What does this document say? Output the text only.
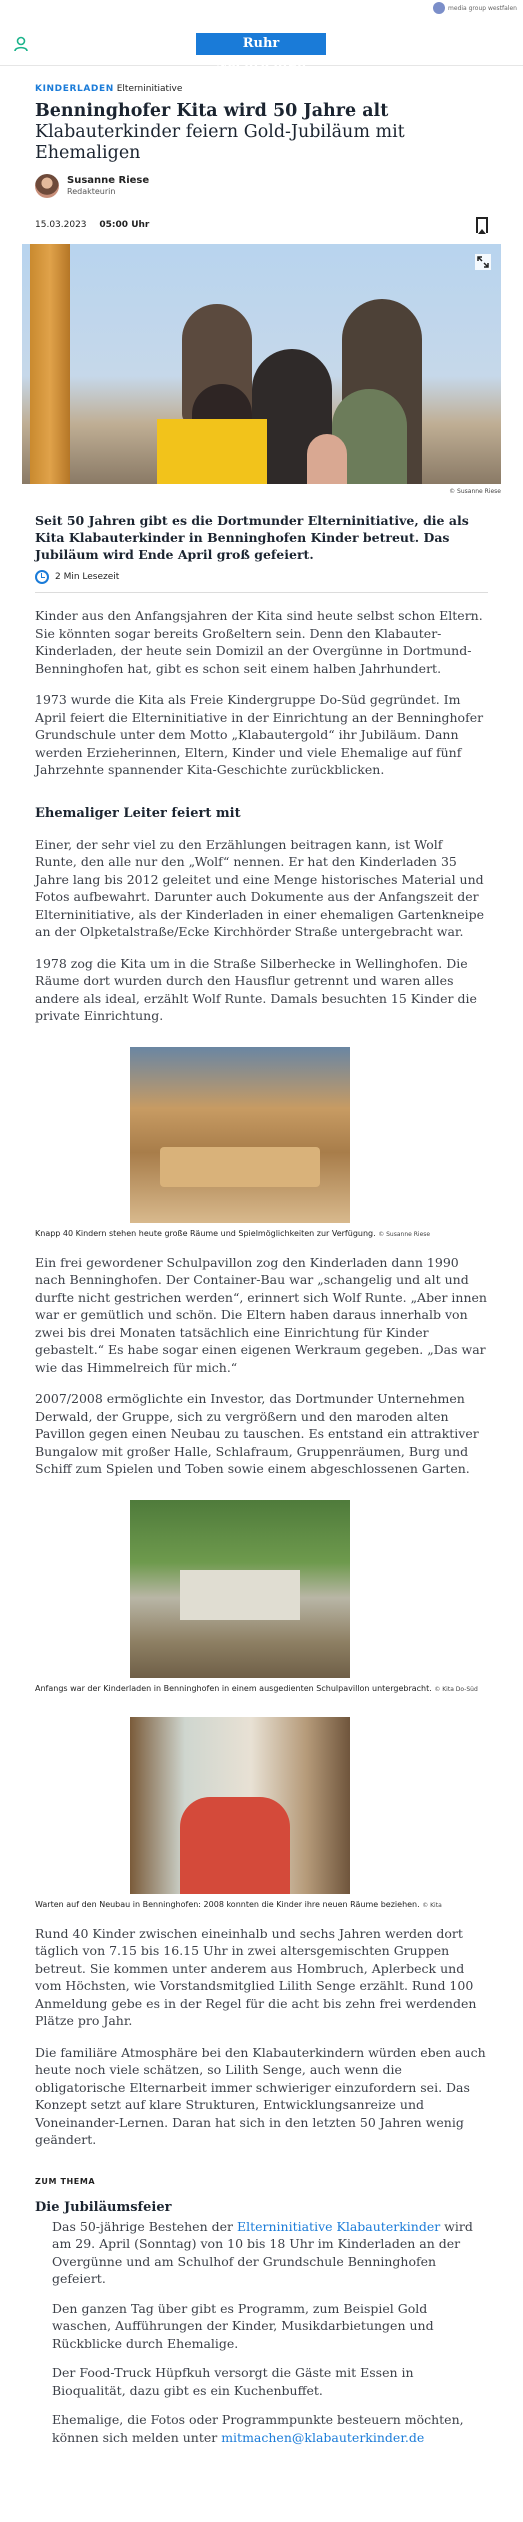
media group westfalen
Ruhr Nachrichten
KINDERLADEN Elterninitiative
Benninghofer Kita wird 50 Jahre alt Klabauterkinder feiern Gold-Jubiläum mit Ehemaligen
Susanne Riese
Redakteurin
15.03.2023 05:00 Uhr
© Susanne Riese

Seit 50 Jahren gibt es die Dortmunder Elterninitiative, die als Kita Klabauterkinder in Benninghofen Kinder betreut. Das Jubiläum wird Ende April groß gefeiert.

2 Min Lesezeit

Kinder aus den Anfangsjahren der Kita sind heute selbst schon Eltern. Sie könnten sogar bereits Großeltern sein. Denn den Klabauter-Kinderladen, der heute sein Domizil an der Overgünne in Dortmund-Benninghofen hat, gibt es schon seit einem halben Jahrhundert.

1973 wurde die Kita als Freie Kindergruppe Do-Süd gegründet. Im April feiert die Elterninitiative in der Einrichtung an der Benninghofer Grundschule unter dem Motto „Klabautergold“ ihr Jubiläum. Dann werden Erzieherinnen, Eltern, Kinder und viele Ehemalige auf fünf Jahrzehnte spannender Kita-Geschichte zurückblicken.

Ehemaliger Leiter feiert mit

Einer, der sehr viel zu den Erzählungen beitragen kann, ist Wolf Runte, den alle nur den „Wolf“ nennen. Er hat den Kinderladen 35 Jahre lang bis 2012 geleitet und eine Menge historisches Material und Fotos aufbewahrt. Darunter auch Dokumente aus der Anfangszeit der Elterninitiative, als der Kinderladen in einer ehemaligen Gartenkneipe an der Olpketalstraße/Ecke Kirchhörder Straße untergebracht war.

1978 zog die Kita um in die Straße Silberhecke in Wellinghofen. Die Räume dort wurden durch den Hausflur getrennt und waren alles andere als ideal, erzählt Wolf Runte. Damals besuchten 15 Kinder die private Einrichtung.

Knapp 40 Kindern stehen heute große Räume und Spielmöglichkeiten zur Verfügung. © Susanne Riese

Ein frei gewordener Schulpavillon zog den Kinderladen dann 1990 nach Benninghofen. Der Container-Bau war „schangelig und alt und durfte nicht gestrichen werden“, erinnert sich Wolf Runte. „Aber innen war er gemütlich und schön. Die Eltern haben daraus innerhalb von zwei bis drei Monaten tatsächlich eine Einrichtung für Kinder gebastelt.“ Es habe sogar einen eigenen Werkraum gegeben. „Das war wie das Himmelreich für mich.“

2007/2008 ermöglichte ein Investor, das Dortmunder Unternehmen Derwald, der Gruppe, sich zu vergrößern und den maroden alten Pavillon gegen einen Neubau zu tauschen. Es entstand ein attraktiver Bungalow mit großer Halle, Schlafraum, Gruppenräumen, Burg und Schiff zum Spielen und Toben sowie einem abgeschlossenen Garten.

Anfangs war der Kinderladen in Benninghofen in einem ausgedienten Schulpavillon untergebracht. © Kita Do-Süd
Warten auf den Neubau in Benninghofen: 2008 konnten die Kinder ihre neuen Räume beziehen. © Kita

Rund 40 Kinder zwischen eineinhalb und sechs Jahren werden dort täglich von 7.15 bis 16.15 Uhr in zwei altersgemischten Gruppen betreut. Sie kommen unter anderem aus Hombruch, Aplerbeck und vom Höchsten, wie Vorstandsmitglied Lilith Senge erzählt. Rund 100 Anmeldung gebe es in der Regel für die acht bis zehn frei werdenden Plätze pro Jahr.

Die familiäre Atmosphäre bei den Klabauterkindern würden eben auch heute noch viele schätzen, so Lilith Senge, auch wenn die obligatorische Elternarbeit immer schwieriger einzufordern sei. Das Konzept setzt auf klare Strukturen, Entwicklungsanreize und Voneinander-Lernen. Daran hat sich in den letzten 50 Jahren wenig geändert.

ZUM THEMA
Die Jubiläumsfeier

Das 50-jährige Bestehen der Elterninitiative Klabauterkinder wird am 29. April (Sonntag) von 10 bis 18 Uhr im Kinderladen an der Overgünne und am Schulhof der Grundschule Benninghofen gefeiert.

Den ganzen Tag über gibt es Programm, zum Beispiel Gold waschen, Aufführungen der Kinder, Musikdarbietungen und Rückblicke durch Ehemalige.

Der Food-Truck Hüpfkuh versorgt die Gäste mit Essen in Bioqualität, dazu gibt es ein Kuchenbuffet.

Ehemalige, die Fotos oder Programmpunkte besteuern möchten, können sich melden unter mitmachen@klabauterkinder.de
